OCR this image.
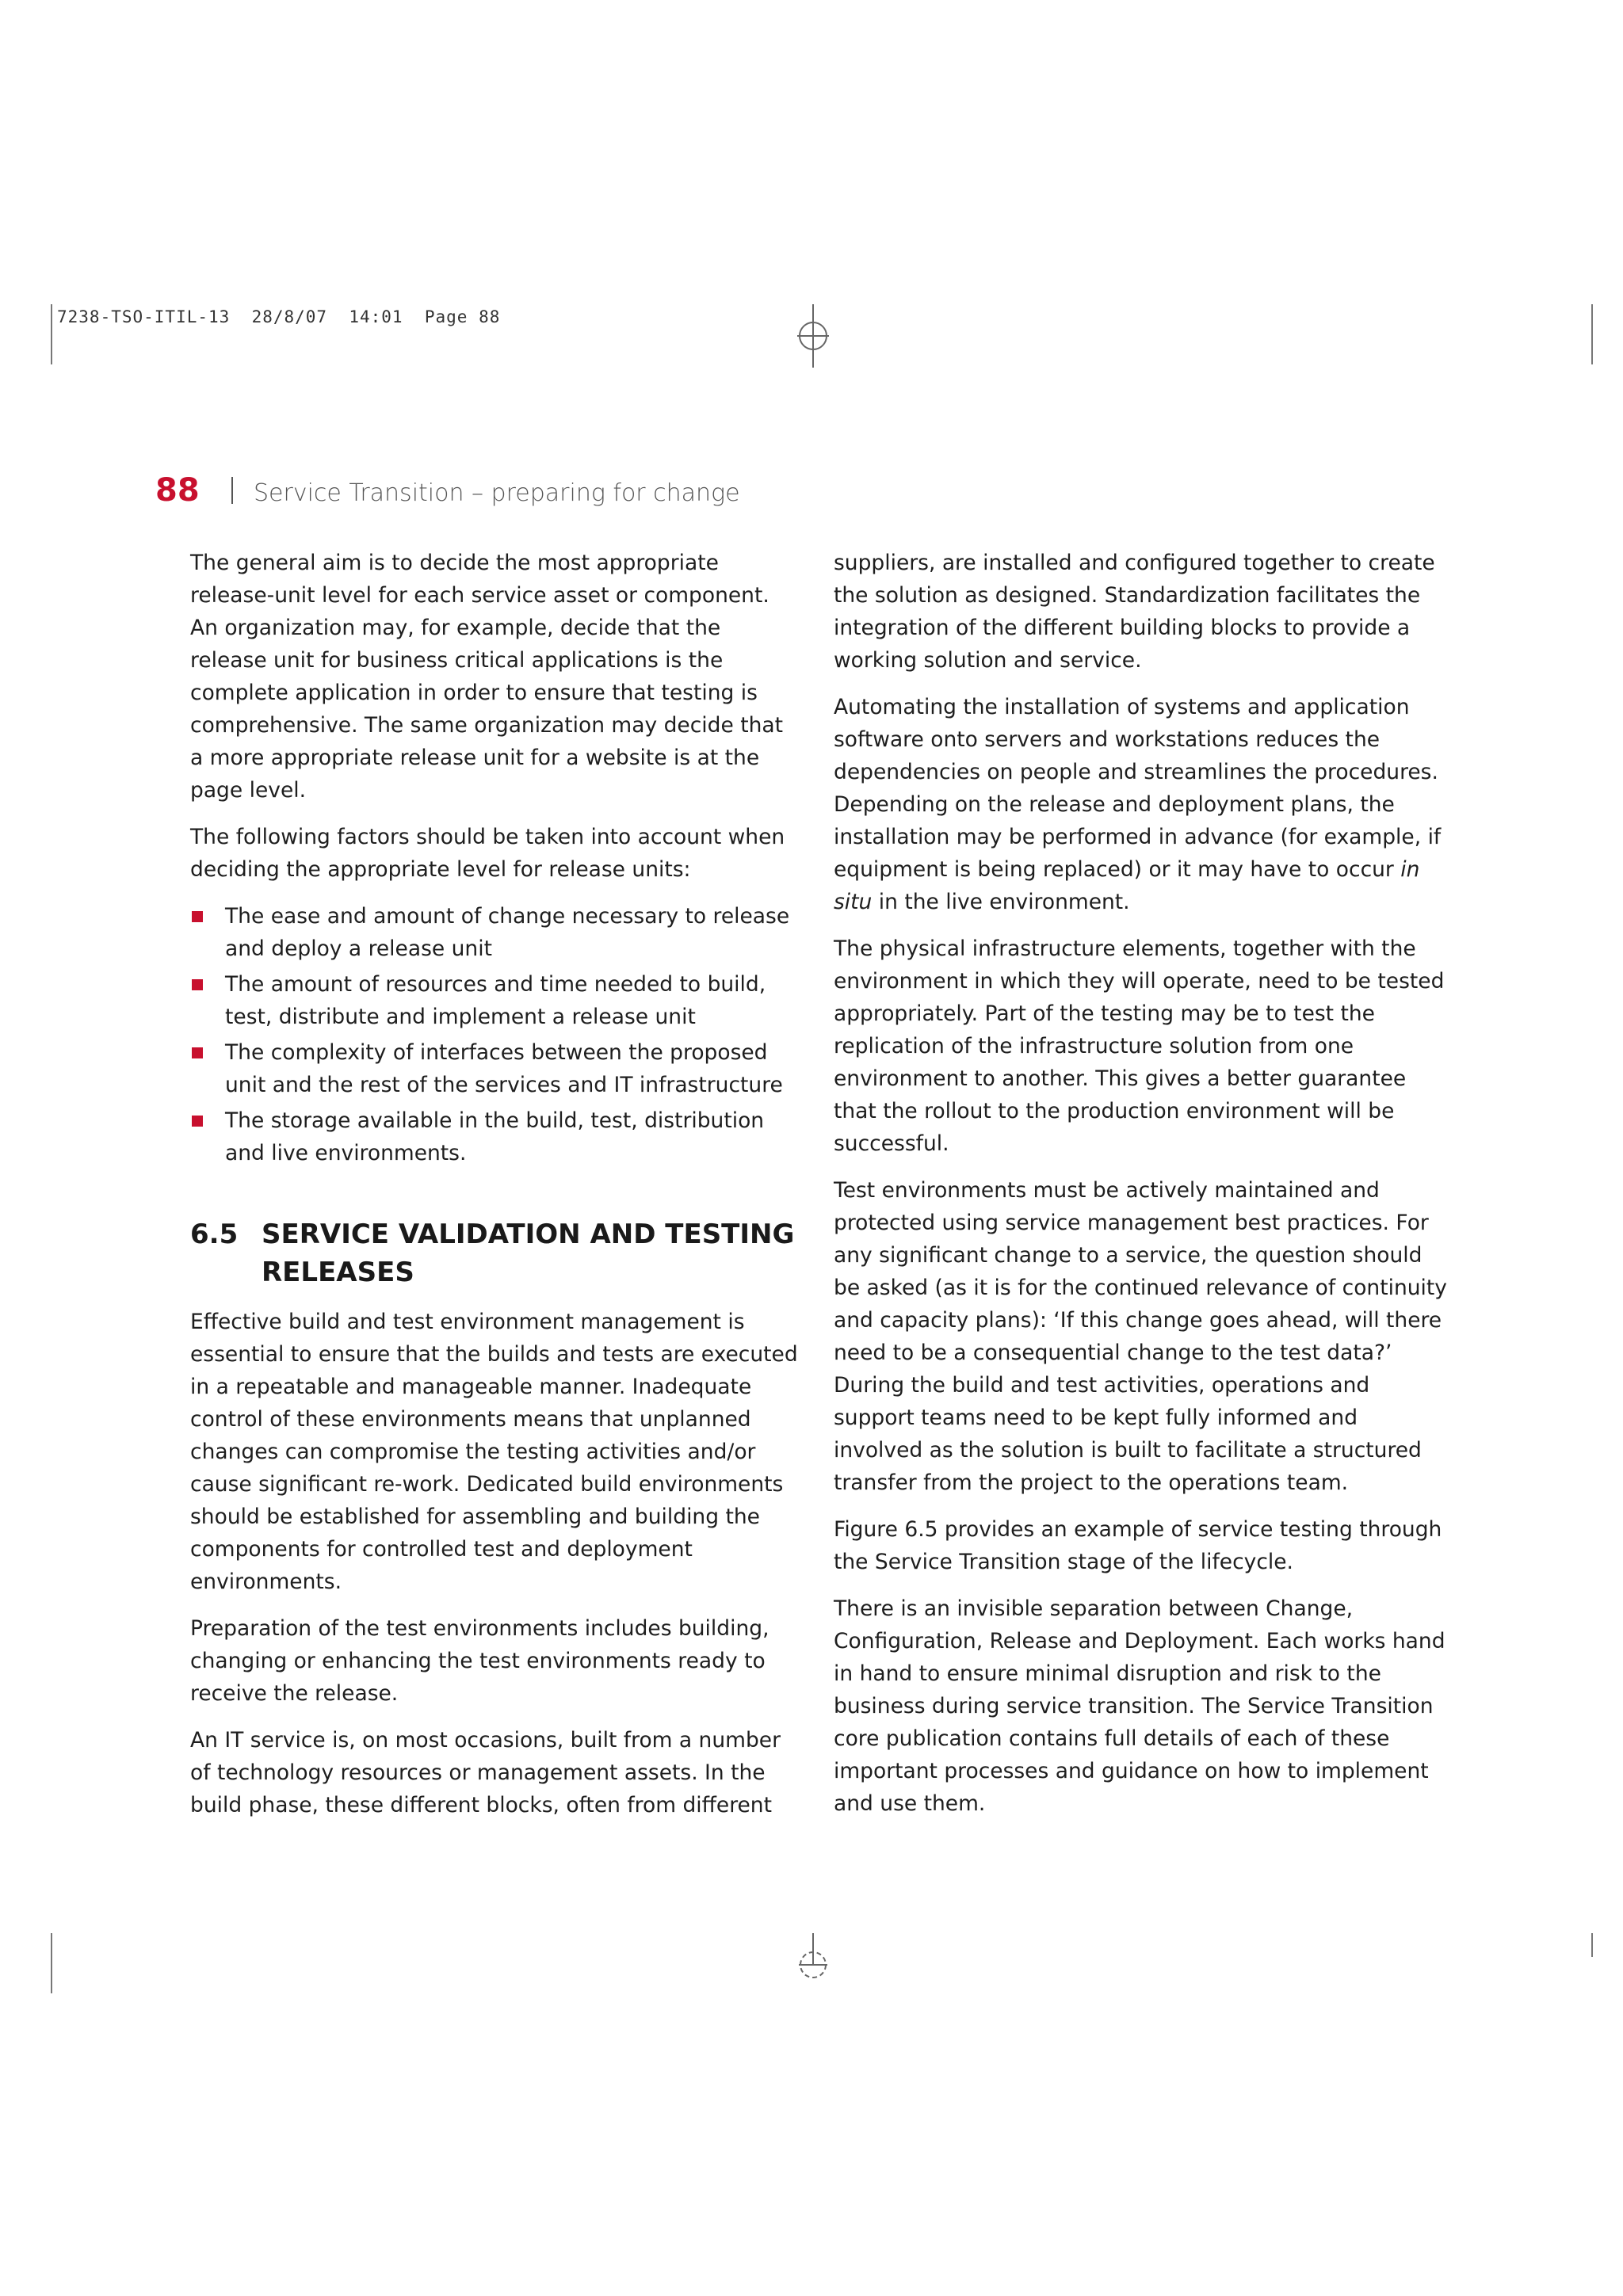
7238-TSO-ITIL-13  28/8/07  14:01  Page 88
88	Service Transition – preparing for change

The general aim is to decide the most appropriate release-unit level for each service asset or component. An organization may, for example, decide that the release unit for business critical applications is the complete application in order to ensure that testing is comprehensive. The same organization may decide that a more appropriate release unit for a website is at the page level.

The following factors should be taken into account when deciding the appropriate level for release units:

The ease and amount of change necessary to release and deploy a release unit
The amount of resources and time needed to build, test, distribute and implement a release unit
The complexity of interfaces between the proposed unit and the rest of the services and IT infrastructure
The storage available in the build, test, distribution and live environments.
6.5 SERVICE VALIDATION AND TESTING RELEASES

Effective build and test environment management is essential to ensure that the builds and tests are executed in a repeatable and manageable manner. Inadequate control of these environments means that unplanned changes can compromise the testing activities and/or cause significant re-work. Dedicated build environments should be established for assembling and building the components for controlled test and deployment environments.

Preparation of the test environments includes building, changing or enhancing the test environments ready to receive the release.

An IT service is, on most occasions, built from a number of technology resources or management assets. In the build phase, these different blocks, often from different

suppliers, are installed and configured together to create the solution as designed. Standardization facilitates the integration of the different building blocks to provide a working solution and service.

Automating the installation of systems and application software onto servers and workstations reduces the dependencies on people and streamlines the procedures. Depending on the release and deployment plans, the installation may be performed in advance (for example, if equipment is being replaced) or it may have to occur in situ in the live environment.

The physical infrastructure elements, together with the environment in which they will operate, need to be tested appropriately. Part of the testing may be to test the replication of the infrastructure solution from one environment to another. This gives a better guarantee that the rollout to the production environment will be successful.

Test environments must be actively maintained and protected using service management best practices. For any significant change to a service, the question should be asked (as it is for the continued relevance of continuity and capacity plans): ‘If this change goes ahead, will there need to be a consequential change to the test data?’ During the build and test activities, operations and support teams need to be kept fully informed and involved as the solution is built to facilitate a structured transfer from the project to the operations team.

Figure 6.5 provides an example of service testing through the Service Transition stage of the lifecycle.

There is an invisible separation between Change, Configuration, Release and Deployment. Each works hand in hand to ensure minimal disruption and risk to the business during service transition. The Service Transition core publication contains full details of each of these important processes and guidance on how to implement and use them.
